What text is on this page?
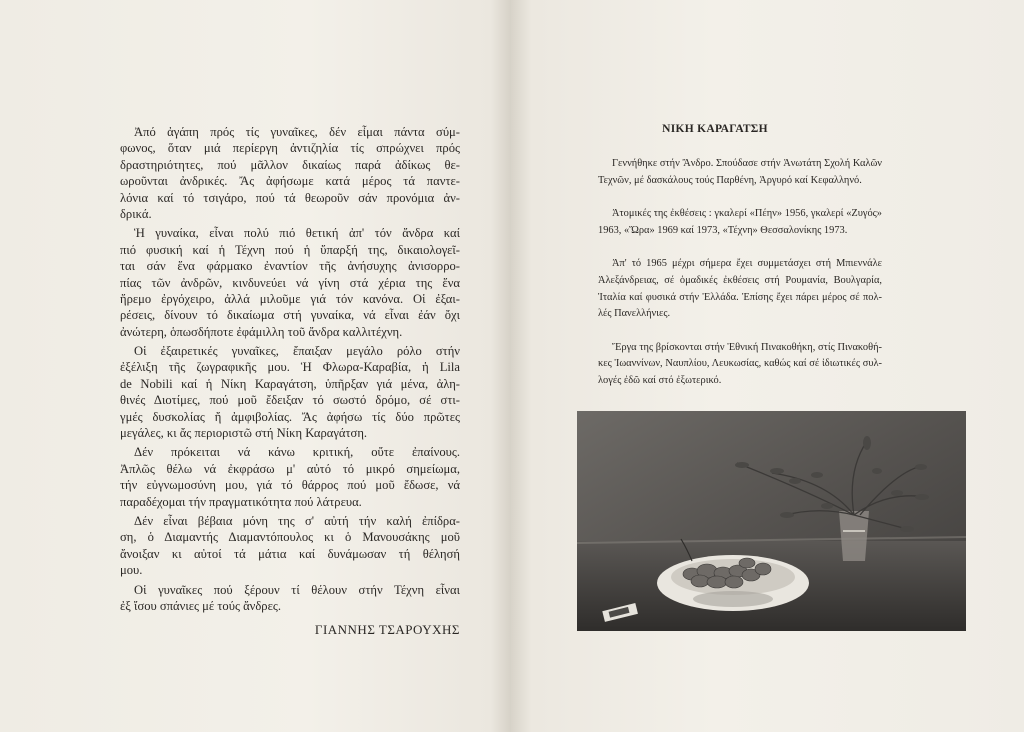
Ἀπό ἀγάπη πρός τίς γυναῖκες, δέν εἶμαι πάντα σύμ-
φωνος, ὅταν μιά περίεργη ἀντιζηλία τίς σπρώχνει πρός
δραστηριότητες, πού μᾶλλον δικαίως παρά ἀδίκως θε-
ωροῦνται ἀνδρικές. Ἄς ἀφήσωμε κατά μέρος τά παντε-
λόνια καί τό τσιγάρο, πού τά θεωροῦν σάν προνόμια ἀν-
δρικά.
Ἡ γυναίκα, εἶναι πολύ πιό θετική ἀπ' τόν ἄνδρα καί
πιό φυσική καί ἡ Τέχνη πού ἡ ὕπαρξή της, δικαιολογεῖ-
ται σάν ἕνα φάρμακο ἐναντίον τῆς ἀνήσυχης ἀνισορρο-
πίας τῶν ἀνδρῶν, κινδυνεύει νά γίνη στά χέρια της ἕνα
ἥρεμο ἐργόχειρο, ἀλλά μιλοῦμε γιά τόν κανόνα. Οἱ ἐξαι-
ρέσεις, δίνουν τό δικαίωμα στή γυναίκα, νά εἶναι ἐάν ὄχι
ἀνώτερη, ὁπωσδήποτε ἐφάμιλλη τοῦ ἄνδρα καλλιτέχνη.
Οἱ ἐξαιρετικές γυναῖκες, ἔπαιξαν μεγάλο ρόλο στήν
ἐξέλιξη τῆς ζωγραφικῆς μου. Ἡ Φλωρα-Καραβία, ἡ Lila
de Nobili καί ἡ Νίκη Καραγάτση, ὑπῆρξαν γιά μένα, ἀλη-
θινές Διοτίμες, πού μοῦ ἔδειξαν τό σωστό δρόμο, σέ στι-
γμές δυσκολίας ἤ ἀμφιβολίας. Ἄς ἀφήσω τίς δύο πρῶτες
μεγάλες, κι ἄς περιοριστῶ στή Νίκη Καραγάτση.
Δέν πρόκειται νά κάνω κριτική, οὔτε ἐπαίνους.
Ἀπλῶς θέλω νά ἐκφράσω μ' αὐτό τό μικρό σημείωμα,
τήν εὐγνωμοσύνη μου, γιά τό θάρρος πού μοῦ ἔδωσε, νά
παραδέχομαι τήν πραγματικότητα πού λάτρευα.
Δέν εἶναι βέβαια μόνη της σ' αὐτή τήν καλή ἐπίδρα-
ση, ὁ Διαμαντής Διαμαντόπουλος κι ὁ Μανουσάκης μοῦ
ἄνοιξαν κι αὐτοί τά μάτια καί δυνάμωσαν τή θέλησή
μου.
Οἱ γυναῖκες πού ξέρουν τί θέλουν στήν Τέχνη εἶναι
ἐξ ἴσου σπάνιες μέ τούς ἄνδρες.
ΓΙΑΝΝΗΣ ΤΣΑΡΟΥΧΗΣ
ΝΙΚΗ ΚΑΡΑΓΑΤΣΗ
Γεννήθηκε στήν Ἄνδρο. Σπούδασε στήν Ἀνωτάτη Σχολή Καλῶν
Τεχνῶν, μέ δασκάλους τούς Παρθένη, Ἀργυρό καί Κεφαλληνό.
Ἀτομικές της ἐκθέσεις : γκαλερί «Πέην» 1956, γκαλερί «Ζυγός»
1963, «Ὥρα» 1969 καί 1973, «Τέχνη» Θεσσαλονίκης 1973.
Ἀπ' τό 1965 μέχρι σήμερα ἔχει συμμετάσχει στή Μπιεννάλε
Ἀλεξάνδρειας, σέ ὁμαδικές ἐκθέσεις στή Ρουμανία, Βουλγαρία,
Ἰταλία καί φυσικά στήν Ἑλλάδα. Ἐπίσης ἔχει πάρει μέρος σέ πολ-
λές Πανελλήνιες.
Ἔργα της βρίσκονται στήν Ἐθνική Πινακοθήκη, στίς Πινακοθή-
κες Ἰωαννίνων, Ναυπλίου, Λευκωσίας, καθώς καί σέ ἰδιωτικές συλ-
λογές ἐδῶ καί στό ἐξωτερικό.
